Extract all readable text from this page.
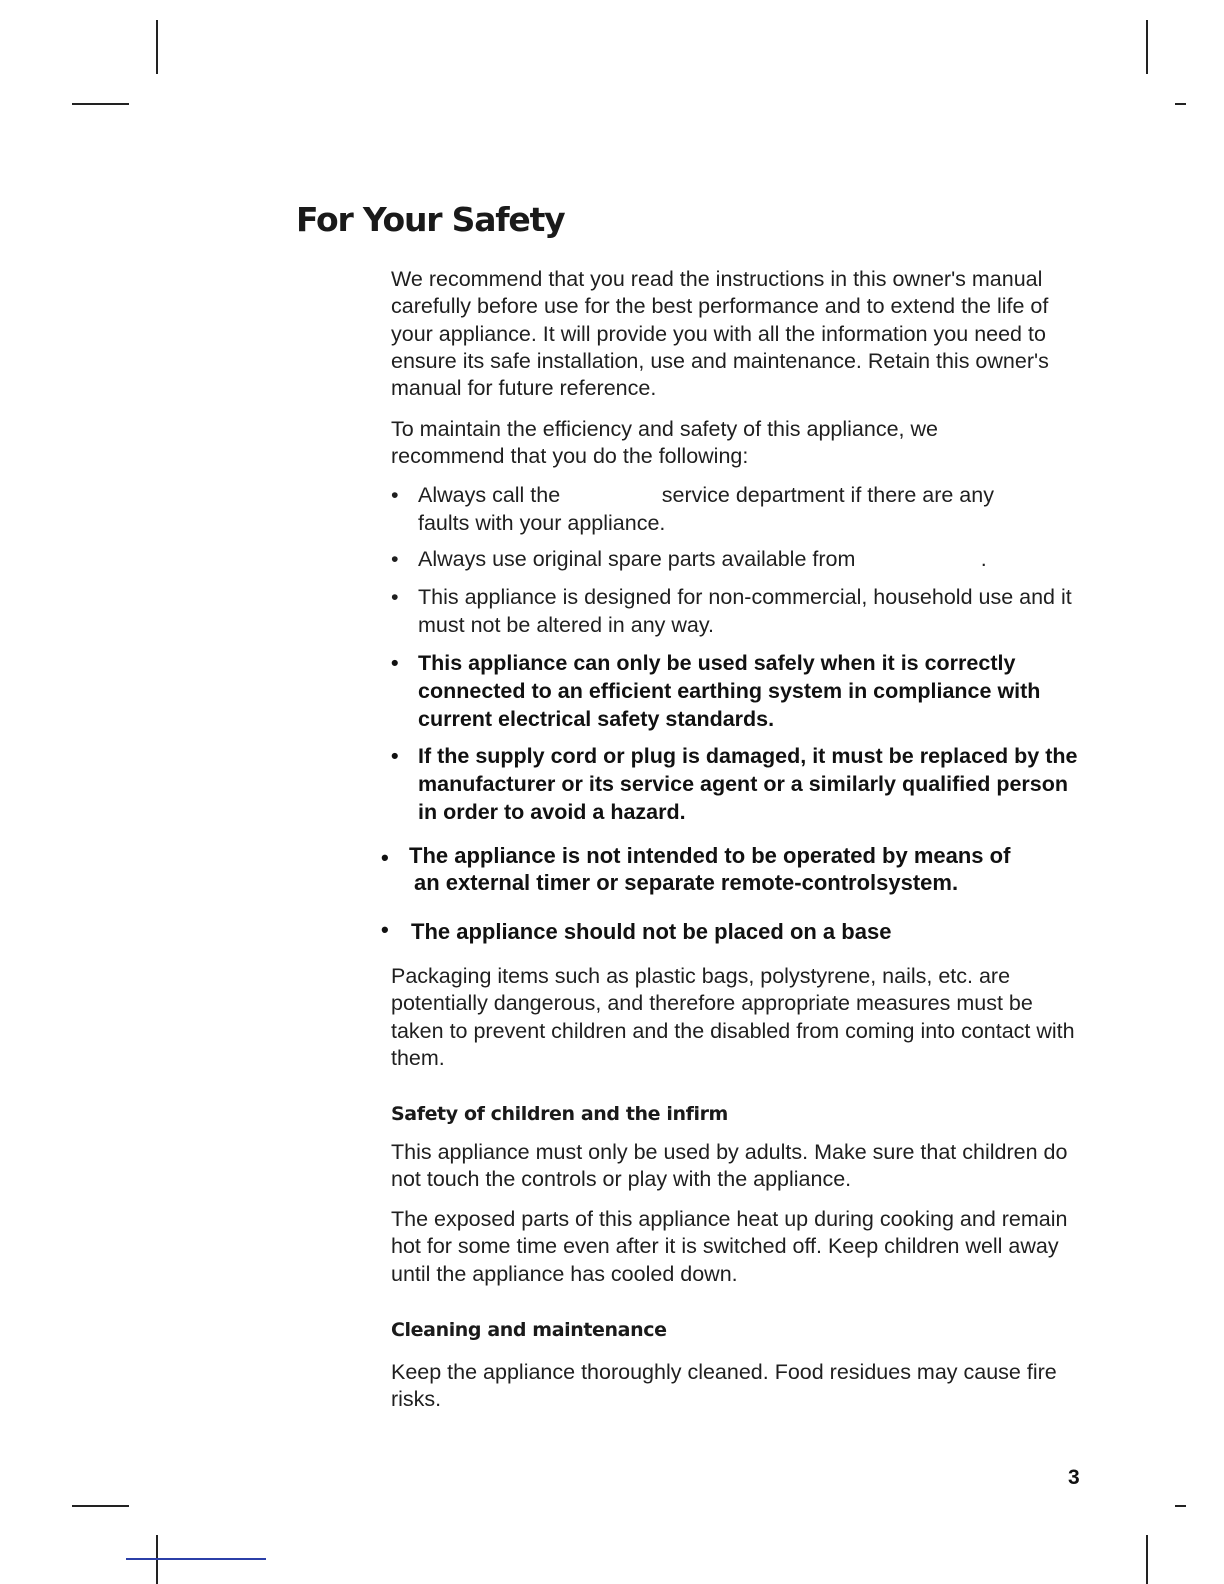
For Your Safety

We recommend that you read the instructions in this owner's manual carefully before use for the best performance and to extend the life of your appliance. It will provide you with all the information you need to ensure its safe installation, use and maintenance. Retain this owner's manual for future reference.

To maintain the efficiency and safety of this appliance, we recommend that you do the following:

• Always call the                 service department if there are any
faults with your appliance.
• Always use original spare parts available from                     .
• This appliance is designed for non-commercial, household use and it must not be altered in any way.
• This appliance can only be used safely when it is correctly connected to an efficient earthing system in compliance with current electrical safety standards.
• If the supply cord or plug is damaged, it must be replaced by the manufacturer or its service agent or a similarly qualified person in order to avoid a hazard.
• The appliance is not intended to be operated by means of
an external timer or separate remote-controlsystem.
• The appliance should not be placed on a base

Packaging items such as plastic bags, polystyrene, nails, etc. are potentially dangerous, and therefore appropriate measures must be taken to prevent children and the disabled from coming into contact with them.

Safety of children and the infirm

This appliance must only be used by adults. Make sure that children do not touch the controls or play with the appliance.

The exposed parts of this appliance heat up during cooking and remain hot for some time even after it is switched off. Keep children well away until the appliance has cooled down.

Cleaning and maintenance

Keep the appliance thoroughly cleaned. Food residues may cause fire risks.

3
